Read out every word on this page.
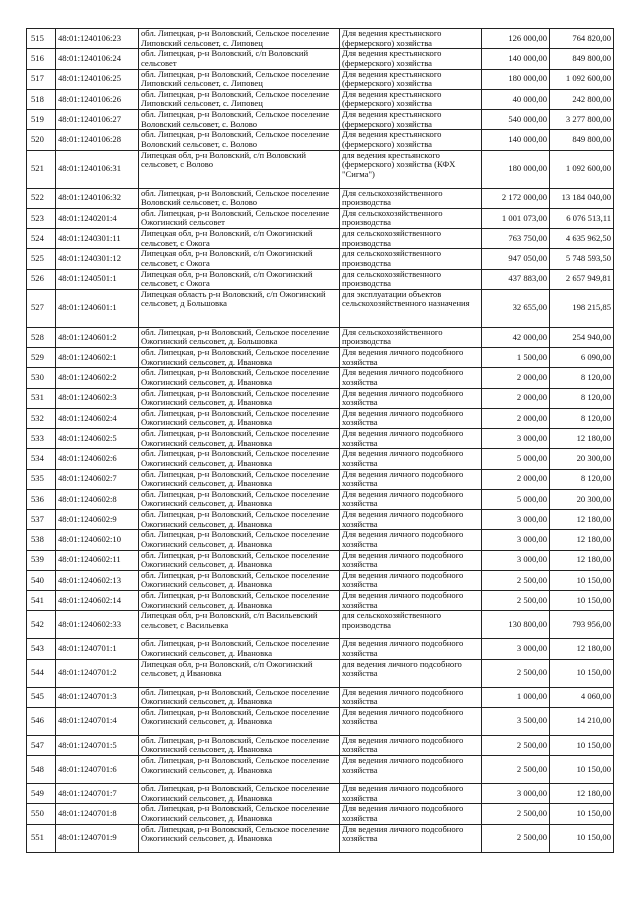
515	48:01:1240106:23	обл. Липецкая, р-н Воловский, Сельское поселение Липовский сельсовет, с. Липовец	Для ведения крестьянского (фермерского) хозяйства	126 000,00	764 820,00
516	48:01:1240106:24	обл. Липецкая, р-н Воловский, с/п Воловский сельсовет	Для ведения крестьянского (фермерского) хозяйства	140 000,00	849 800,00
517	48:01:1240106:25	обл. Липецкая, р-н Воловский, Сельское поселение Липовский сельсовет, с. Липовец	Для ведения крестьянского (фермерского) хозяйства	180 000,00	1 092 600,00
518	48:01:1240106:26	обл. Липецкая, р-н Воловский, Сельское поселение Липовский сельсовет, с. Липовец	Для ведения крестьянского (фермерского) хозяйства	40 000,00	242 800,00
519	48:01:1240106:27	обл. Липецкая, р-н Воловский, Сельское поселение Воловский сельсовет, с. Волово	Для ведения крестьянского (фермерского) хозяйства	540 000,00	3 277 800,00
520	48:01:1240106:28	обл. Липецкая, р-н Воловский, Сельское поселение Воловский сельсовет, с. Волово	Для ведения крестьянского (фермерского) хозяйства	140 000,00	849 800,00
521	48:01:1240106:31	Липецкая обл, р-н Воловский, с/п Воловский сельсовет, с Волово	для ведения крестьянского (фермерского) хозяйства (КФХ "Сигма")	180 000,00	1 092 600,00
522	48:01:1240106:32	обл. Липецкая, р-н Воловский, Сельское поселение Воловский сельсовет, с. Волово	Для сельскохозяйственного производства	2 172 000,00	13 184 040,00
523	48:01:1240201:4	обл. Липецкая, р-н Воловский, Сельское поселение Ожогинский сельсовет	Для сельскохозяйственного производства	1 001 073,00	6 076 513,11
524	48:01:1240301:11	Липецкая обл, р-н Воловский, с/п Ожогинский сельсовет, с Ожога	для сельскохозяйственного производства	763 750,00	4 635 962,50
525	48:01:1240301:12	Липецкая обл, р-н Воловский, с/п Ожогинский сельсовет, с Ожога	для сельскохозяйственного производства	947 050,00	5 748 593,50
526	48:01:1240501:1	Липецкая обл, р-н Воловский, с/п Ожогинский сельсовет, с Ожога	для сельскохозяйственного производства	437 883,00	2 657 949,81
527	48:01:1240601:1	Липецкая область р-н Воловский, с/п Ожогинский сельсовет, д Большовка	для эксплуатации объектов сельскохозяйственного назначения	32 655,00	198 215,85
528	48:01:1240601:2	обл. Липецкая, р-н Воловский, Сельское поселение Ожогинский сельсовет, д. Большовка	Для сельскохозяйственного производства	42 000,00	254 940,00
529	48:01:1240602:1	обл. Липецкая, р-н Воловский, Сельское поселение Ожогинский сельсовет, д. Ивановка	Для ведения личного подсобного хозяйства	1 500,00	6 090,00
530	48:01:1240602:2	обл. Липецкая, р-н Воловский, Сельское поселение Ожогинский сельсовет, д. Ивановка	Для ведения личного подсобного хозяйства	2 000,00	8 120,00
531	48:01:1240602:3	обл. Липецкая, р-н Воловский, Сельское поселение Ожогинский сельсовет, д. Ивановка	Для ведения личного подсобного хозяйства	2 000,00	8 120,00
532	48:01:1240602:4	обл. Липецкая, р-н Воловский, Сельское поселение Ожогинский сельсовет, д. Ивановка	Для ведения личного подсобного хозяйства	2 000,00	8 120,00
533	48:01:1240602:5	обл. Липецкая, р-н Воловский, Сельское поселение Ожогинский сельсовет, д. Ивановка	Для ведения личного подсобного хозяйства	3 000,00	12 180,00
534	48:01:1240602:6	обл. Липецкая, р-н Воловский, Сельское поселение Ожогинский сельсовет, д. Ивановка	Для ведения личного подсобного хозяйства	5 000,00	20 300,00
535	48:01:1240602:7	обл. Липецкая, р-н Воловский, Сельское поселение Ожогинский сельсовет, д. Ивановка	Для ведения личного подсобного хозяйства	2 000,00	8 120,00
536	48:01:1240602:8	обл. Липецкая, р-н Воловский, Сельское поселение Ожогинский сельсовет, д. Ивановка	Для ведения личного подсобного хозяйства	5 000,00	20 300,00
537	48:01:1240602:9	обл. Липецкая, р-н Воловский, Сельское поселение Ожогинский сельсовет, д. Ивановка	Для ведения личного подсобного хозяйства	3 000,00	12 180,00
538	48:01:1240602:10	обл. Липецкая, р-н Воловский, Сельское поселение Ожогинский сельсовет, д. Ивановка	Для ведения личного подсобного хозяйства	3 000,00	12 180,00
539	48:01:1240602:11	обл. Липецкая, р-н Воловский, Сельское поселение Ожогинский сельсовет, д. Ивановка	Для ведения личного подсобного хозяйства	3 000,00	12 180,00
540	48:01:1240602:13	обл. Липецкая, р-н Воловский, Сельское поселение Ожогинский сельсовет, д. Ивановка	Для ведения личного подсобного хозяйства	2 500,00	10 150,00
541	48:01:1240602:14	обл. Липецкая, р-н Воловский, Сельское поселение Ожогинский сельсовет, д. Ивановка	Для ведения личного подсобного хозяйства	2 500,00	10 150,00
542	48:01:1240602:33	Липецкая обл, р-н Воловский, с/п Васильевский сельсовет, с Васильевка	для сельскохозяйственного производства	130 800,00	793 956,00
543	48:01:1240701:1	обл. Липецкая, р-н Воловский, Сельское поселение Ожогинский сельсовет, д. Ивановка	Для ведения личного подсобного хозяйства	3 000,00	12 180,00
544	48:01:1240701:2	Липецкая обл, р-н Воловский, с/п Ожогинский сельсовет, д Ивановка	для ведения личного подсобного хозяйства	2 500,00	10 150,00
545	48:01:1240701:3	обл. Липецкая, р-н Воловский, Сельское поселение Ожогинский сельсовет, д. Ивановка	Для ведения личного подсобного хозяйства	1 000,00	4 060,00
546	48:01:1240701:4	обл. Липецкая, р-н Воловский, Сельское поселение Ожогинский сельсовет, д. Ивановка	Для ведения личного подсобного хозяйства	3 500,00	14 210,00
547	48:01:1240701:5	обл. Липецкая, р-н Воловский, Сельское поселение Ожогинский сельсовет, д. Ивановка	Для ведения личного подсобного хозяйства	2 500,00	10 150,00
548	48:01:1240701:6	обл. Липецкая, р-н Воловский, Сельское поселение Ожогинский сельсовет, д. Ивановка	Для ведения личного подсобного хозяйства	2 500,00	10 150,00
549	48:01:1240701:7	обл. Липецкая, р-н Воловский, Сельское поселение Ожогинский сельсовет, д. Ивановка	Для ведения личного подсобного хозяйства	3 000,00	12 180,00
550	48:01:1240701:8	обл. Липецкая, р-н Воловский, Сельское поселение Ожогинский сельсовет, д. Ивановка	Для ведения личного подсобного хозяйства	2 500,00	10 150,00
551	48:01:1240701:9	обл. Липецкая, р-н Воловский, Сельское поселение Ожогинский сельсовет, д. Ивановка	Для ведения личного подсобного хозяйства	2 500,00	10 150,00
